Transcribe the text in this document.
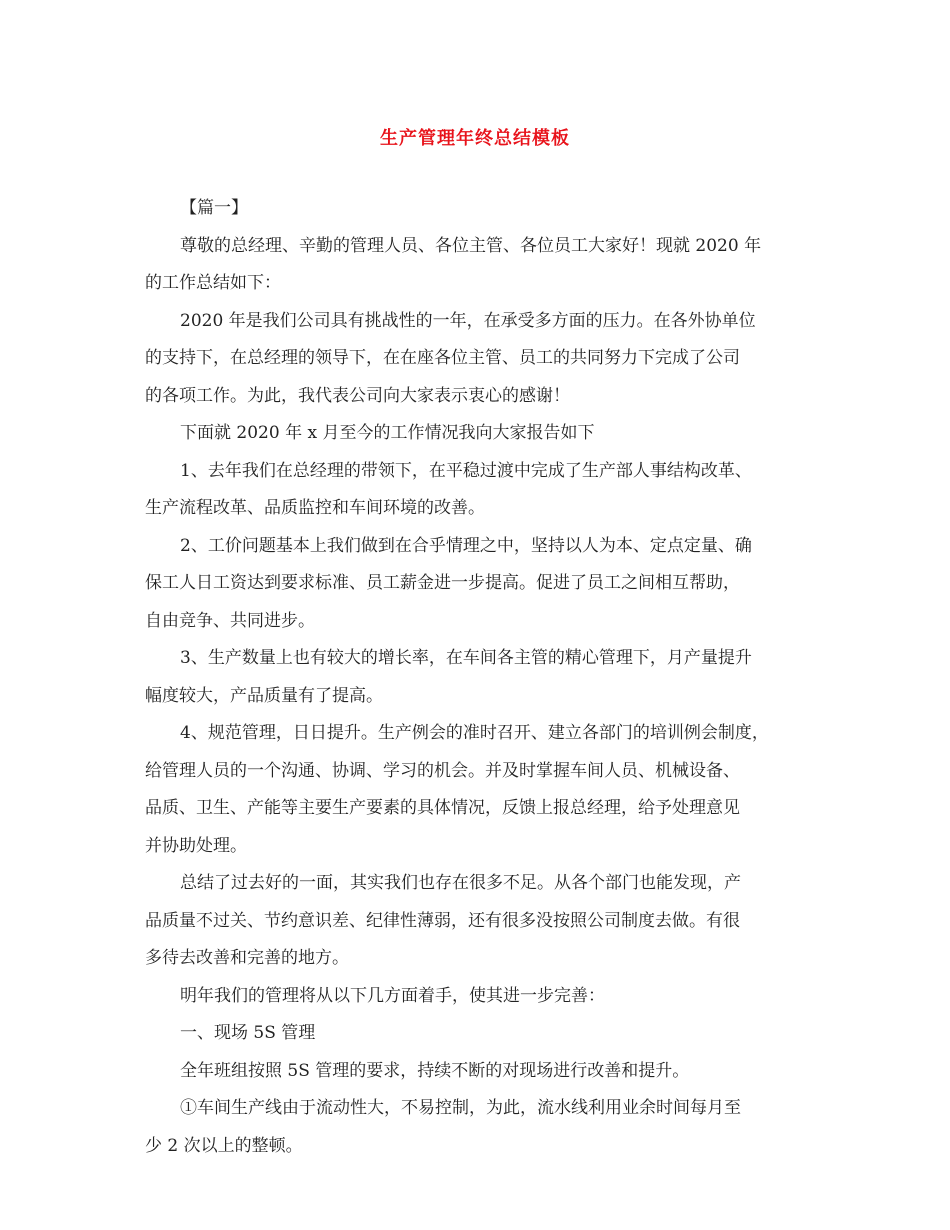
生产管理年终总结模板
【篇一】
尊敬的总经理、辛勤的管理人员、各位主管、各位员工大家好！现就 2020 年
的工作总结如下：
2020 年是我们公司具有挑战性的一年，在承受多方面的压力。在各外协单位
的支持下，在总经理的领导下，在在座各位主管、员工的共同努力下完成了公司
的各项工作。为此，我代表公司向大家表示衷心的感谢！
下面就 2020 年 x 月至今的工作情况我向大家报告如下
1、去年我们在总经理的带领下，在平稳过渡中完成了生产部人事结构改革、
生产流程改革、品质监控和车间环境的改善。
2、工价问题基本上我们做到在合乎情理之中，坚持以人为本、定点定量、确
保工人日工资达到要求标准、员工薪金进一步提高。促进了员工之间相互帮助，
自由竞争、共同进步。
3、生产数量上也有较大的增长率，在车间各主管的精心管理下，月产量提升
幅度较大，产品质量有了提高。
4、规范管理，日日提升。生产例会的准时召开、建立各部门的培训例会制度，
给管理人员的一个沟通、协调、学习的机会。并及时掌握车间人员、机械设备、
品质、卫生、产能等主要生产要素的具体情况，反馈上报总经理，给予处理意见
并协助处理。
总结了过去好的一面，其实我们也存在很多不足。从各个部门也能发现，产
品质量不过关、节约意识差、纪律性薄弱，还有很多没按照公司制度去做。有很
多待去改善和完善的地方。
明年我们的管理将从以下几方面着手，使其进一步完善：
一、现场 5S 管理
全年班组按照 5S 管理的要求，持续不断的对现场进行改善和提升。
①车间生产线由于流动性大，不易控制，为此，流水线利用业余时间每月至
少 2 次以上的整顿。
